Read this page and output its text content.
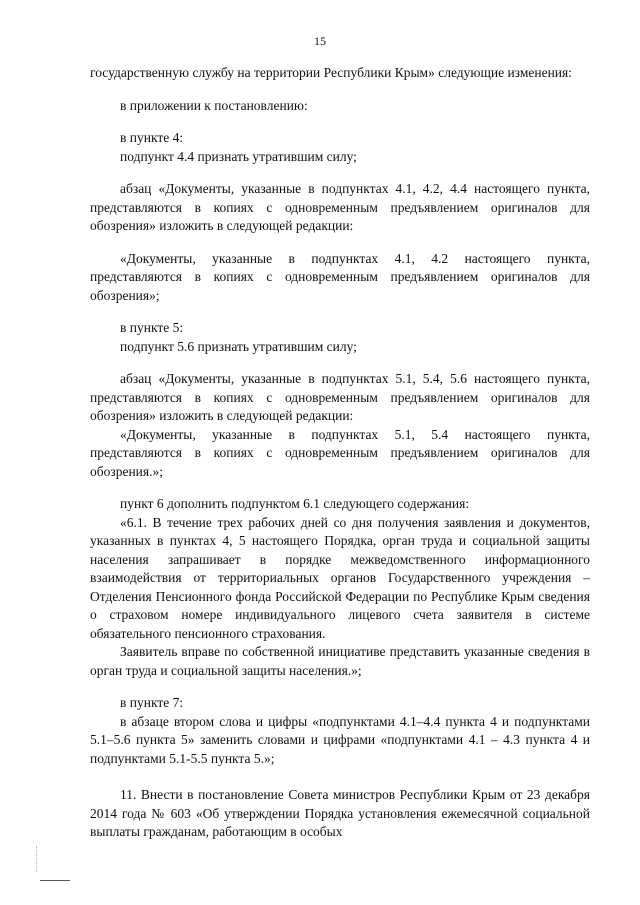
15

государственную службу на территории Республики Крым» следующие изменения:

в приложении к постановлению:

в пункте 4:

подпункт 4.4 признать утратившим силу;

абзац «Документы, указанные в подпунктах 4.1, 4.2, 4.4 настоящего пункта, представляются в копиях с одновременным предъявлением оригиналов для обозрения» изложить в следующей редакции:

«Документы, указанные в подпунктах 4.1, 4.2 настоящего пункта, представляются в копиях с одновременным предъявлением оригиналов для обозрения»;

в пункте 5:

подпункт 5.6 признать утратившим силу;

абзац «Документы, указанные в подпунктах 5.1, 5.4, 5.6 настоящего пункта, представляются в копиях с одновременным предъявлением оригиналов для обозрения» изложить в следующей редакции:

«Документы, указанные в подпунктах 5.1, 5.4 настоящего пункта, представляются в копиях с одновременным предъявлением оригиналов для обозрения.»;

пункт 6 дополнить подпунктом 6.1 следующего содержания:

«6.1. В течение трех рабочих дней со дня получения заявления и документов, указанных в пунктах 4, 5 настоящего Порядка, орган труда и социальной защиты населения запрашивает в порядке межведомственного информационного взаимодействия от территориальных органов Государственного учреждения – Отделения Пенсионного фонда Российской Федерации по Республике Крым сведения о страховом номере индивидуального лицевого счета заявителя в системе обязательного пенсионного страхования.

Заявитель вправе по собственной инициативе представить указанные сведения в орган труда и социальной защиты населения.»;

в пункте 7:

в абзаце втором слова и цифры «подпунктами 4.1–4.4 пункта 4 и подпунктами 5.1–5.6 пункта 5» заменить словами и цифрами «подпунктами 4.1 – 4.3 пункта 4 и подпунктами 5.1-5.5 пункта 5.»;

11. Внести в постановление Совета министров Республики Крым от 23 декабря 2014 года № 603 «Об утверждении Порядка установления ежемесячной социальной выплаты гражданам, работающим в особых
